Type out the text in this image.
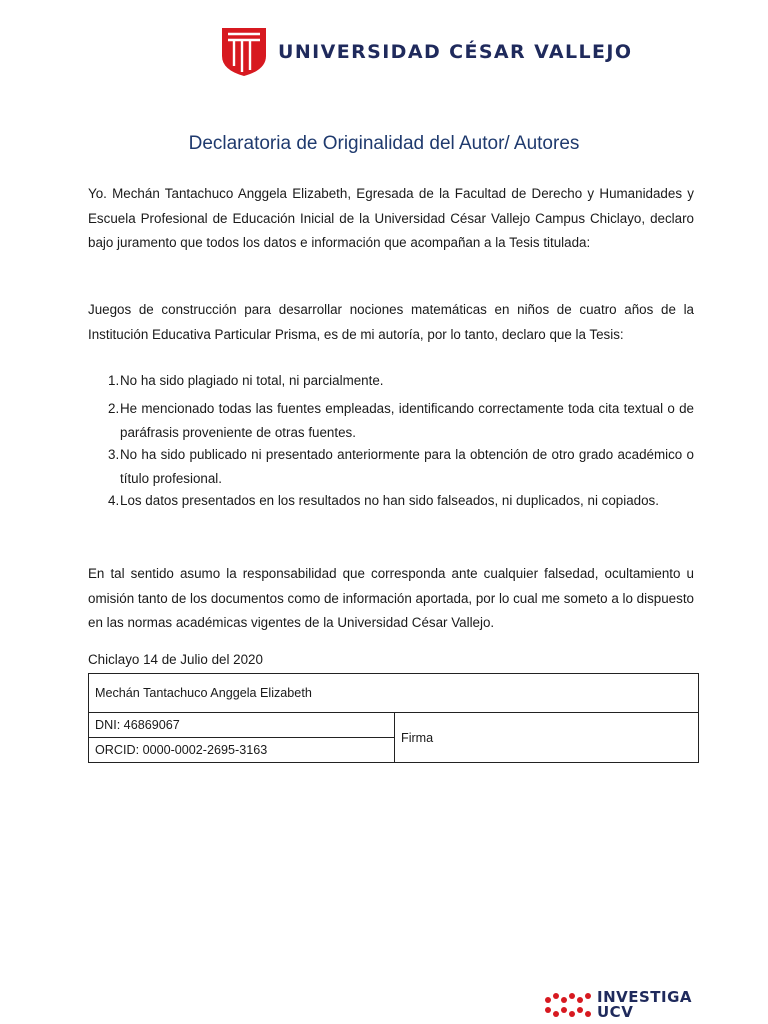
UNIVERSIDAD CÉSAR VALLEJO
Declaratoria de Originalidad del Autor/ Autores

Yo. Mechán Tantachuco Anggela Elizabeth, Egresada de la Facultad de Derecho y Humanidades y Escuela Profesional de Educación Inicial de la Universidad César Vallejo Campus Chiclayo, declaro bajo juramento que todos los datos e información que acompañan a la Tesis titulada:

Juegos de construcción para desarrollar nociones matemáticas en niños de cuatro años de la Institución Educativa Particular Prisma, es de mi autoría, por lo tanto, declaro que la Tesis:

1. No ha sido plagiado ni total, ni parcialmente.
2. He mencionado todas las fuentes empleadas, identificando correctamente toda cita textual o de paráfrasis proveniente de otras fuentes.
3. No ha sido publicado ni presentado anteriormente para la obtención de otro grado académico o título profesional.
4. Los datos presentados en los resultados no han sido falseados, ni duplicados, ni copiados.

En tal sentido asumo la responsabilidad que corresponda ante cualquier falsedad, ocultamiento u omisión tanto de los documentos como de información aportada, por lo cual me someto a lo dispuesto en las normas académicas vigentes de la Universidad César Vallejo.

Chiclayo 14 de Julio del 2020
Mechán Tantachuco Anggela Elizabeth
DNI: 46869067	Firma
ORCID: 0000-0002-2695-3163
INVESTIGA
UCV
